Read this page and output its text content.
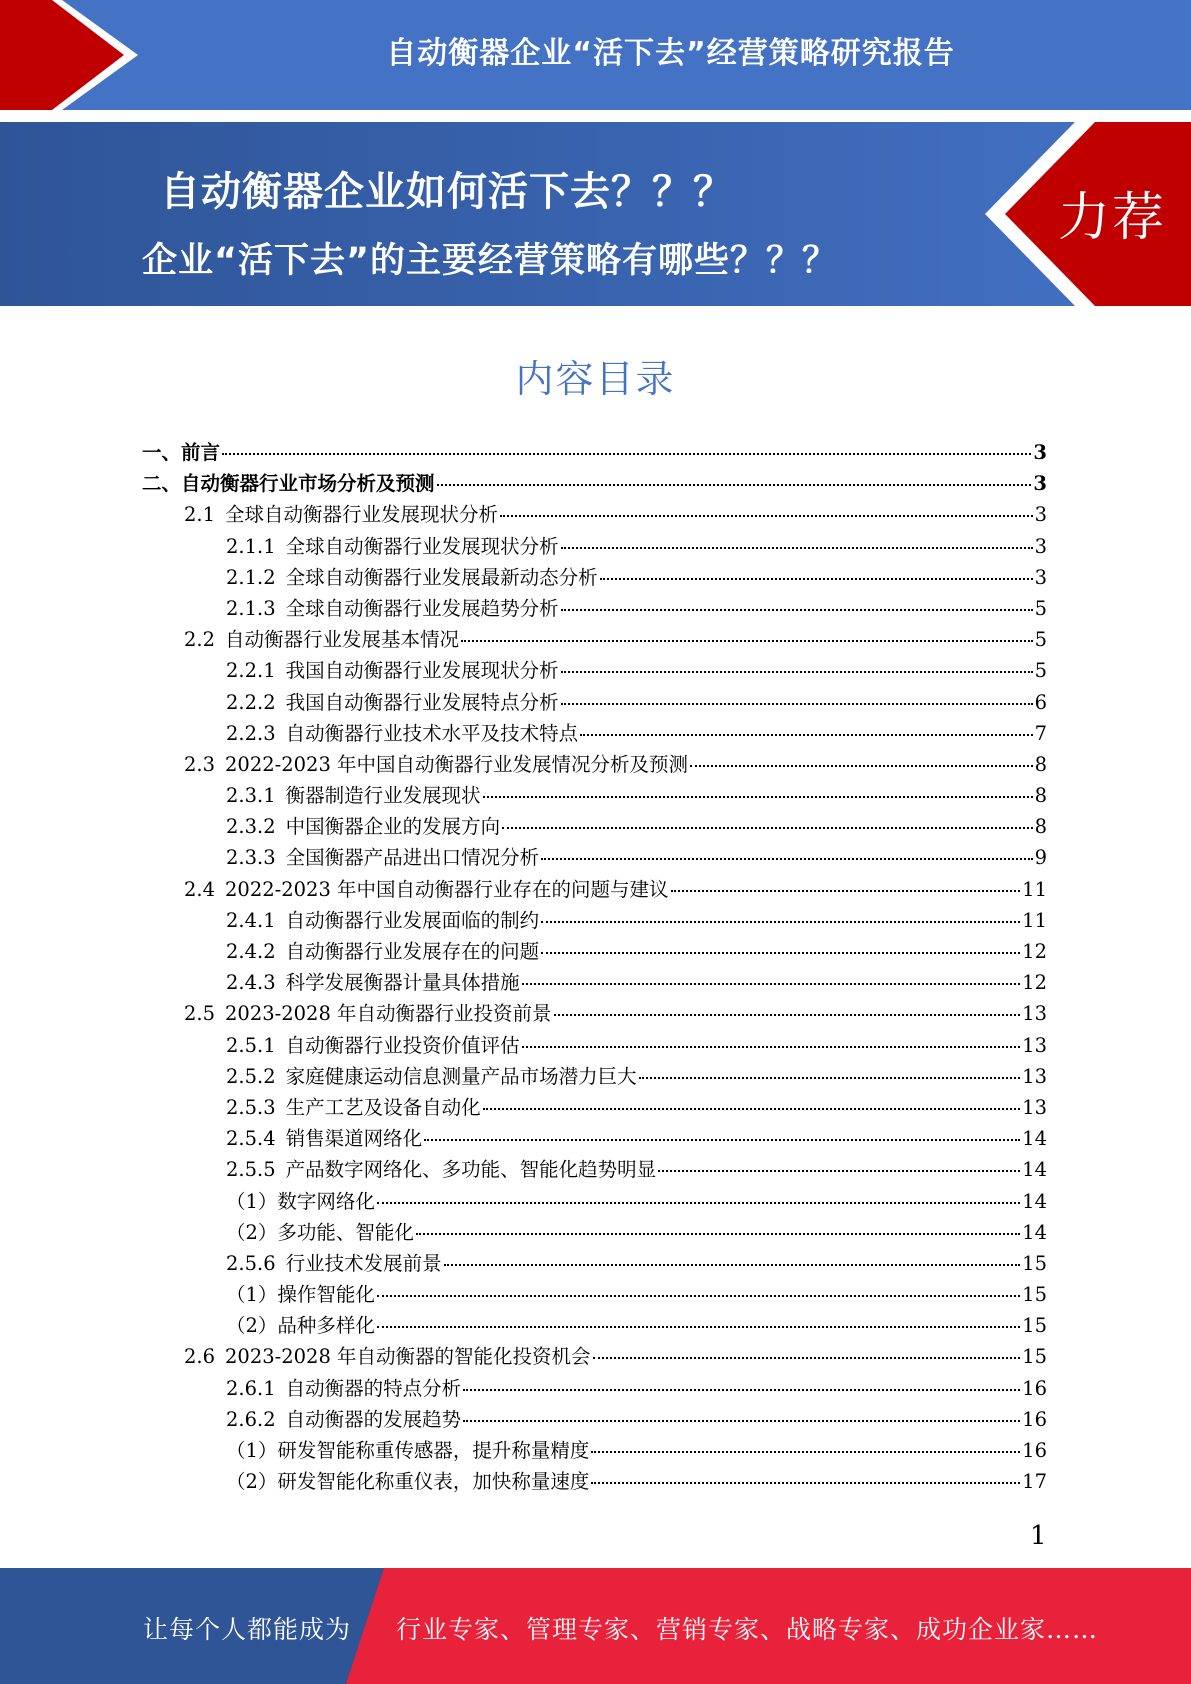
自动衡器企业“活下去”经营策略研究报告
自动衡器企业如何活下去？？？
企业“活下去”的主要经营策略有哪些？？？
力荐
内容目录
一、 前言	3
二、 自动衡器行业市场分析及预测	3
2.1 全球自动衡器行业发展现状分析	3
2.1.1 全球自动衡器行业发展现状分析	3
2.1.2 全球自动衡器行业发展最新动态分析	3
2.1.3 全球自动衡器行业发展趋势分析	5
2.2 自动衡器行业发展基本情况	5
2.2.1 我国自动衡器行业发展现状分析	5
2.2.2 我国自动衡器行业发展特点分析	6
2.2.3 自动衡器行业技术水平及技术特点	7
2.3 2022-2023 年中国自动衡器行业发展情况分析及预测	8
2.3.1 衡器制造行业发展现状	8
2.3.2 中国衡器企业的发展方向	8
2.3.3 全国衡器产品进出口情况分析	9
2.4 2022-2023 年中国自动衡器行业存在的问题与建议	11
2.4.1 自动衡器行业发展面临的制约	11
2.4.2 自动衡器行业发展存在的问题	12
2.4.3 科学发展衡器计量具体措施	12
2.5 2023-2028 年自动衡器行业投资前景	13
2.5.1 自动衡器行业投资价值评估	13
2.5.2 家庭健康运动信息测量产品市场潜力巨大	13
2.5.3 生产工艺及设备自动化	13
2.5.4 销售渠道网络化	14
2.5.5 产品数字网络化、多功能、智能化趋势明显	14
（1） 数字网络化	14
（2） 多功能、智能化	14
2.5.6 行业技术发展前景	15
（1） 操作智能化	15
（2） 品种多样化	15
2.6 2023-2028 年自动衡器的智能化投资机会	15
2.6.1 自动衡器的特点分析	16
2.6.2 自动衡器的发展趋势	16
（1） 研发智能称重传感器，提升称量精度	16
（2） 研发智能化称重仪表，加快称量速度	17
1
让每个人都能成为 行业专家、管理专家、营销专家、战略专家、成功企业家……
